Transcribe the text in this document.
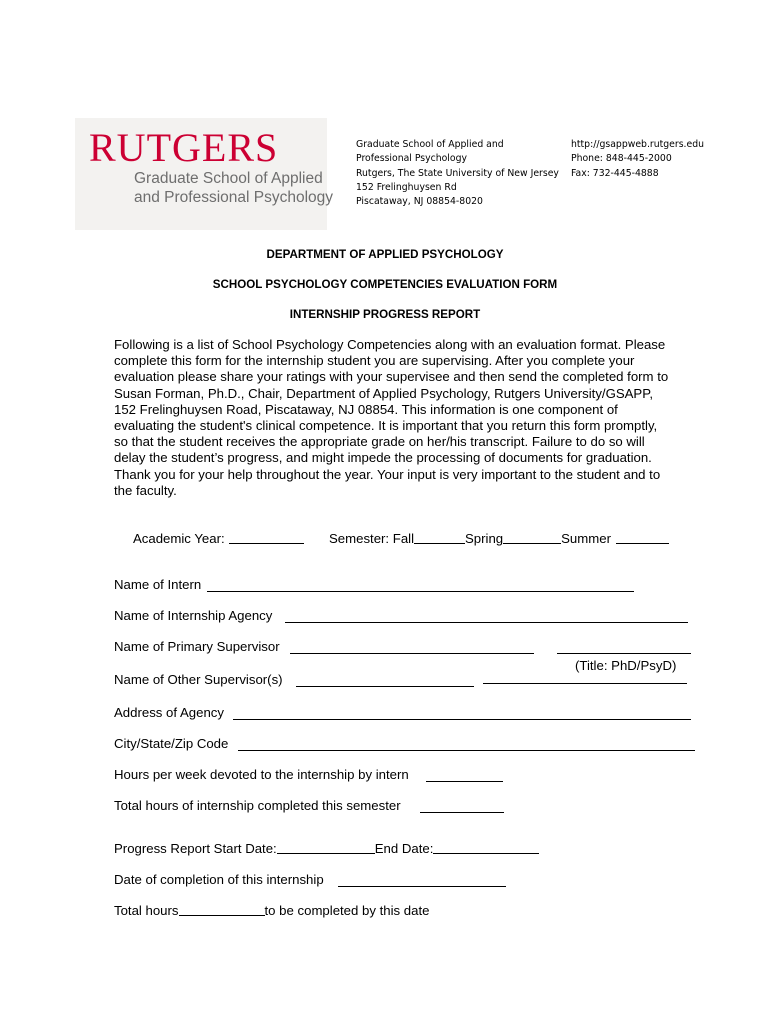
RUTGERS
Graduate School of Applied
and Professional Psychology
Graduate School of Applied and
Professional Psychology
Rutgers, The State University of New Jersey
152 Frelinghuysen Rd
Piscataway, NJ 08854-8020
http://gsappweb.rutgers.edu
Phone: 848-445-2000
Fax: 732-445-4888
DEPARTMENT OF APPLIED PSYCHOLOGY
SCHOOL PSYCHOLOGY COMPETENCIES EVALUATION FORM
INTERNSHIP PROGRESS REPORT
Following is a list of School Psychology Competencies along with an evaluation format. Please
complete this form for the internship student you are supervising. After you complete your
evaluation please share your ratings with your supervisee and then send the completed form to
Susan Forman, Ph.D., Chair, Department of Applied Psychology, Rutgers University/GSAPP,
152 Frelinghuysen Road, Piscataway, NJ 08854. This information is one component of
evaluating the student's clinical competence. It is important that you return this form promptly,
so that the student receives the appropriate grade on her/his transcript. Failure to do so will
delay the student’s progress, and might impede the processing of documents for graduation.
Thank you for your help throughout the year. Your input is very important to the student and to
the faculty.
Academic Year:	Semester: Fall	Spring	Summer
Name of Intern
Name of Internship Agency
Name of Primary Supervisor
(Title: PhD/PsyD)
Name of Other Supervisor(s)
Address of Agency
City/State/Zip Code
Hours per week devoted to the internship by intern
Total hours of internship completed this semester
Progress Report Start Date:	End Date:
Date of completion of this internship
Total hours	to be completed by this date
